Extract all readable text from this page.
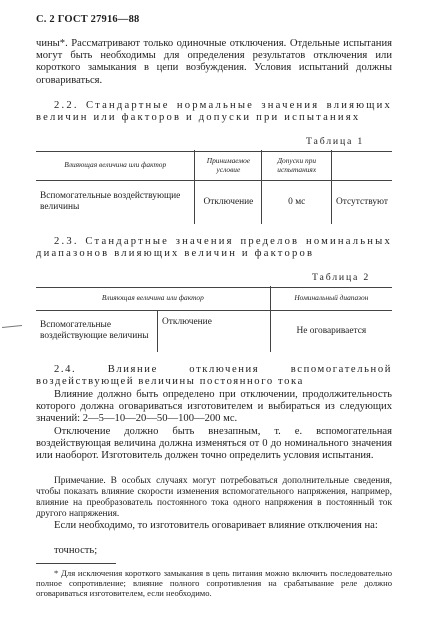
С. 2 ГОСТ 27916—88

чины*. Рассматривают только одиночные отключения. Отдельные испытания могут быть необходимы для определения результатов отключения или короткого замыкания в цепи возбуждения. Условия испытаний должны оговариваться.

2.2. Стандартные нормальные значения влияющих величин или факторов и допуски при испытаниях

Таблица 1
Влияющая величина или фактор	Принимаемое условие	Допуски при испытаниях	
Вспомогательные воздействующие величины	Отключение	0 мс	Отсутствуют

2.3. Стандартные значения пределов номинальных диапазонов влияющих величин и факторов

Таблица 2
Влияющая величина или фактор		Номинальный диапазон
Вспомогательные воздействующие величины	Отключение	Не оговаривается

2.4. Влияние отключения вспомогательной воздействующей величины постоянного тока

Влияние должно быть определено при отключении, продолжительность которого должна оговариваться изготовителем и выбираться из следующих значений: 2—5—10—20—50—100—200 мс.

Отключение должно быть внезапным, т. е. вспомогательная воздействующая величина должна изменяться от 0 до номинального значения или наоборот. Изготовитель должен точно определить условия испытания.

Примечание. В особых случаях могут потребоваться дополнительные сведения, чтобы показать влияние скорости изменения вспомогательного напряжения, например, влияние на преобразователь постоянного тока одного напряжения в постоянный ток другого напряжения.

Если необходимо, то изготовитель оговаривает влияние отключения на:

точность;

* Для исключения короткого замыкания в цепь питания можно включить последовательно полное сопротивление; влияние полного сопротивления на срабатывание реле должно оговариваться изготовителем, если необходимо.
